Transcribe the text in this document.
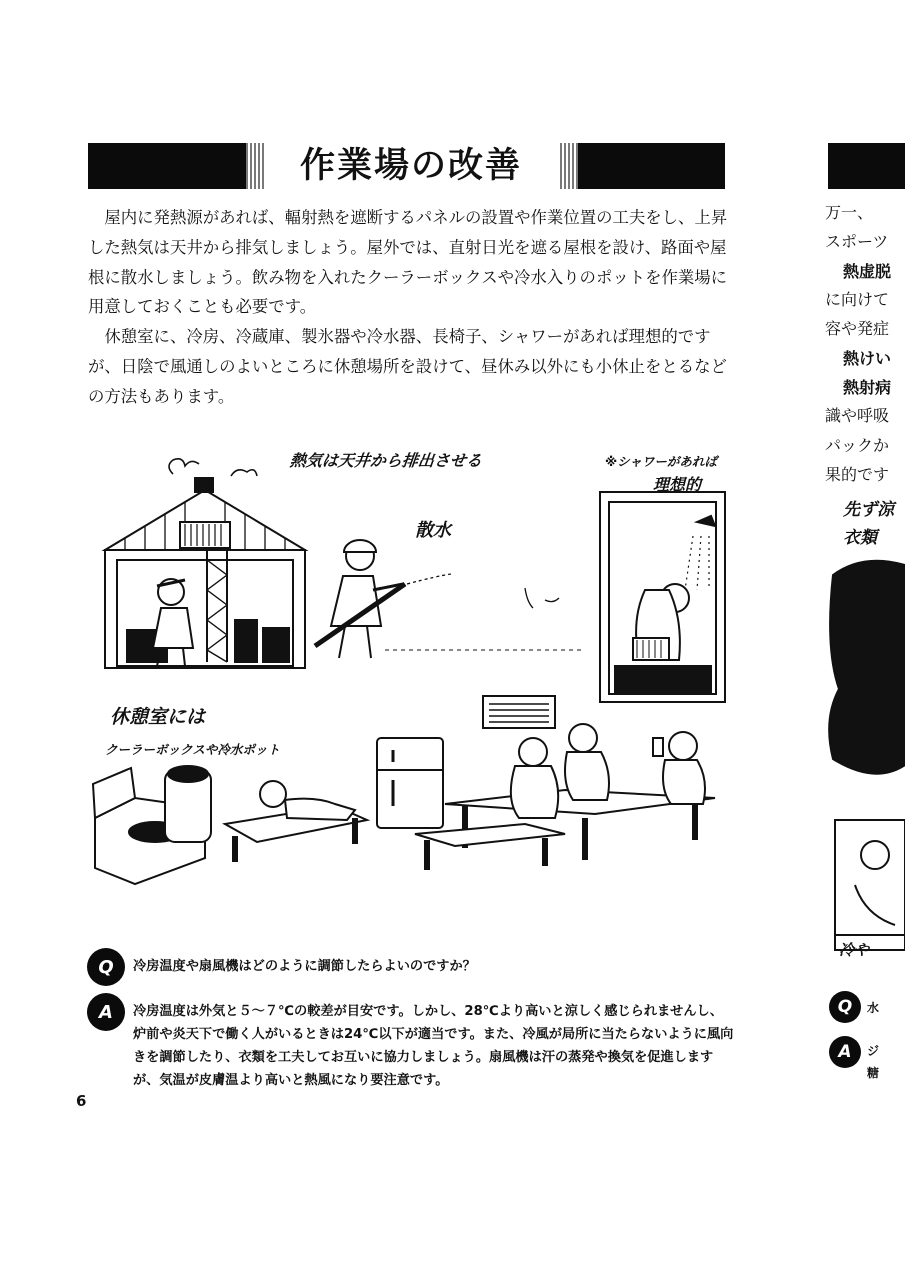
作業場の改善

屋内に発熱源があれば、輻射熱を遮断するパネルの設置や作業位置の工夫をし、上昇した熱気は天井から排気しましょう。屋外では、直射日光を遮る屋根を設け、路面や屋根に散水しましょう。飲み物を入れたクーラーボックスや冷水入りのポットを作業場に用意しておくことも必要です。

休憩室に、冷房、冷蔵庫、製氷器や冷水器、長椅子、シャワーがあれば理想的ですが、日陰で風通しのよいところに休憩場所を設けて、昼休み以外にも小休止をとるなどの方法もあります。

熱気は天井から排出させる
散水
※シャワーがあれば
理想的
休憩室には
クーラーボックスや冷水ポット
Q 冷房温度や扇風機はどのように調節したらよいのですか？

A 冷房温度は外気と５～７℃の較差が目安です。しかし、28℃より高いと涼しく感じられませんし、炉前や炎天下で働く人がいるときは24℃以下が適当です。また、冷風が局所に当たらないように風向きを調節したり、衣類を工夫してお互いに協力しましょう。扇風機は汗の蒸発や換気を促進しますが、気温が皮膚温より高いと熱風になり要注意です。

6
万一、
スポーツ
熱虚脱
に向けて
容や発症
熱けい
熱射病
識や呼吸
パックか
果的です
先ず涼
衣類
冷や
Q	水
A	ジ
糖
